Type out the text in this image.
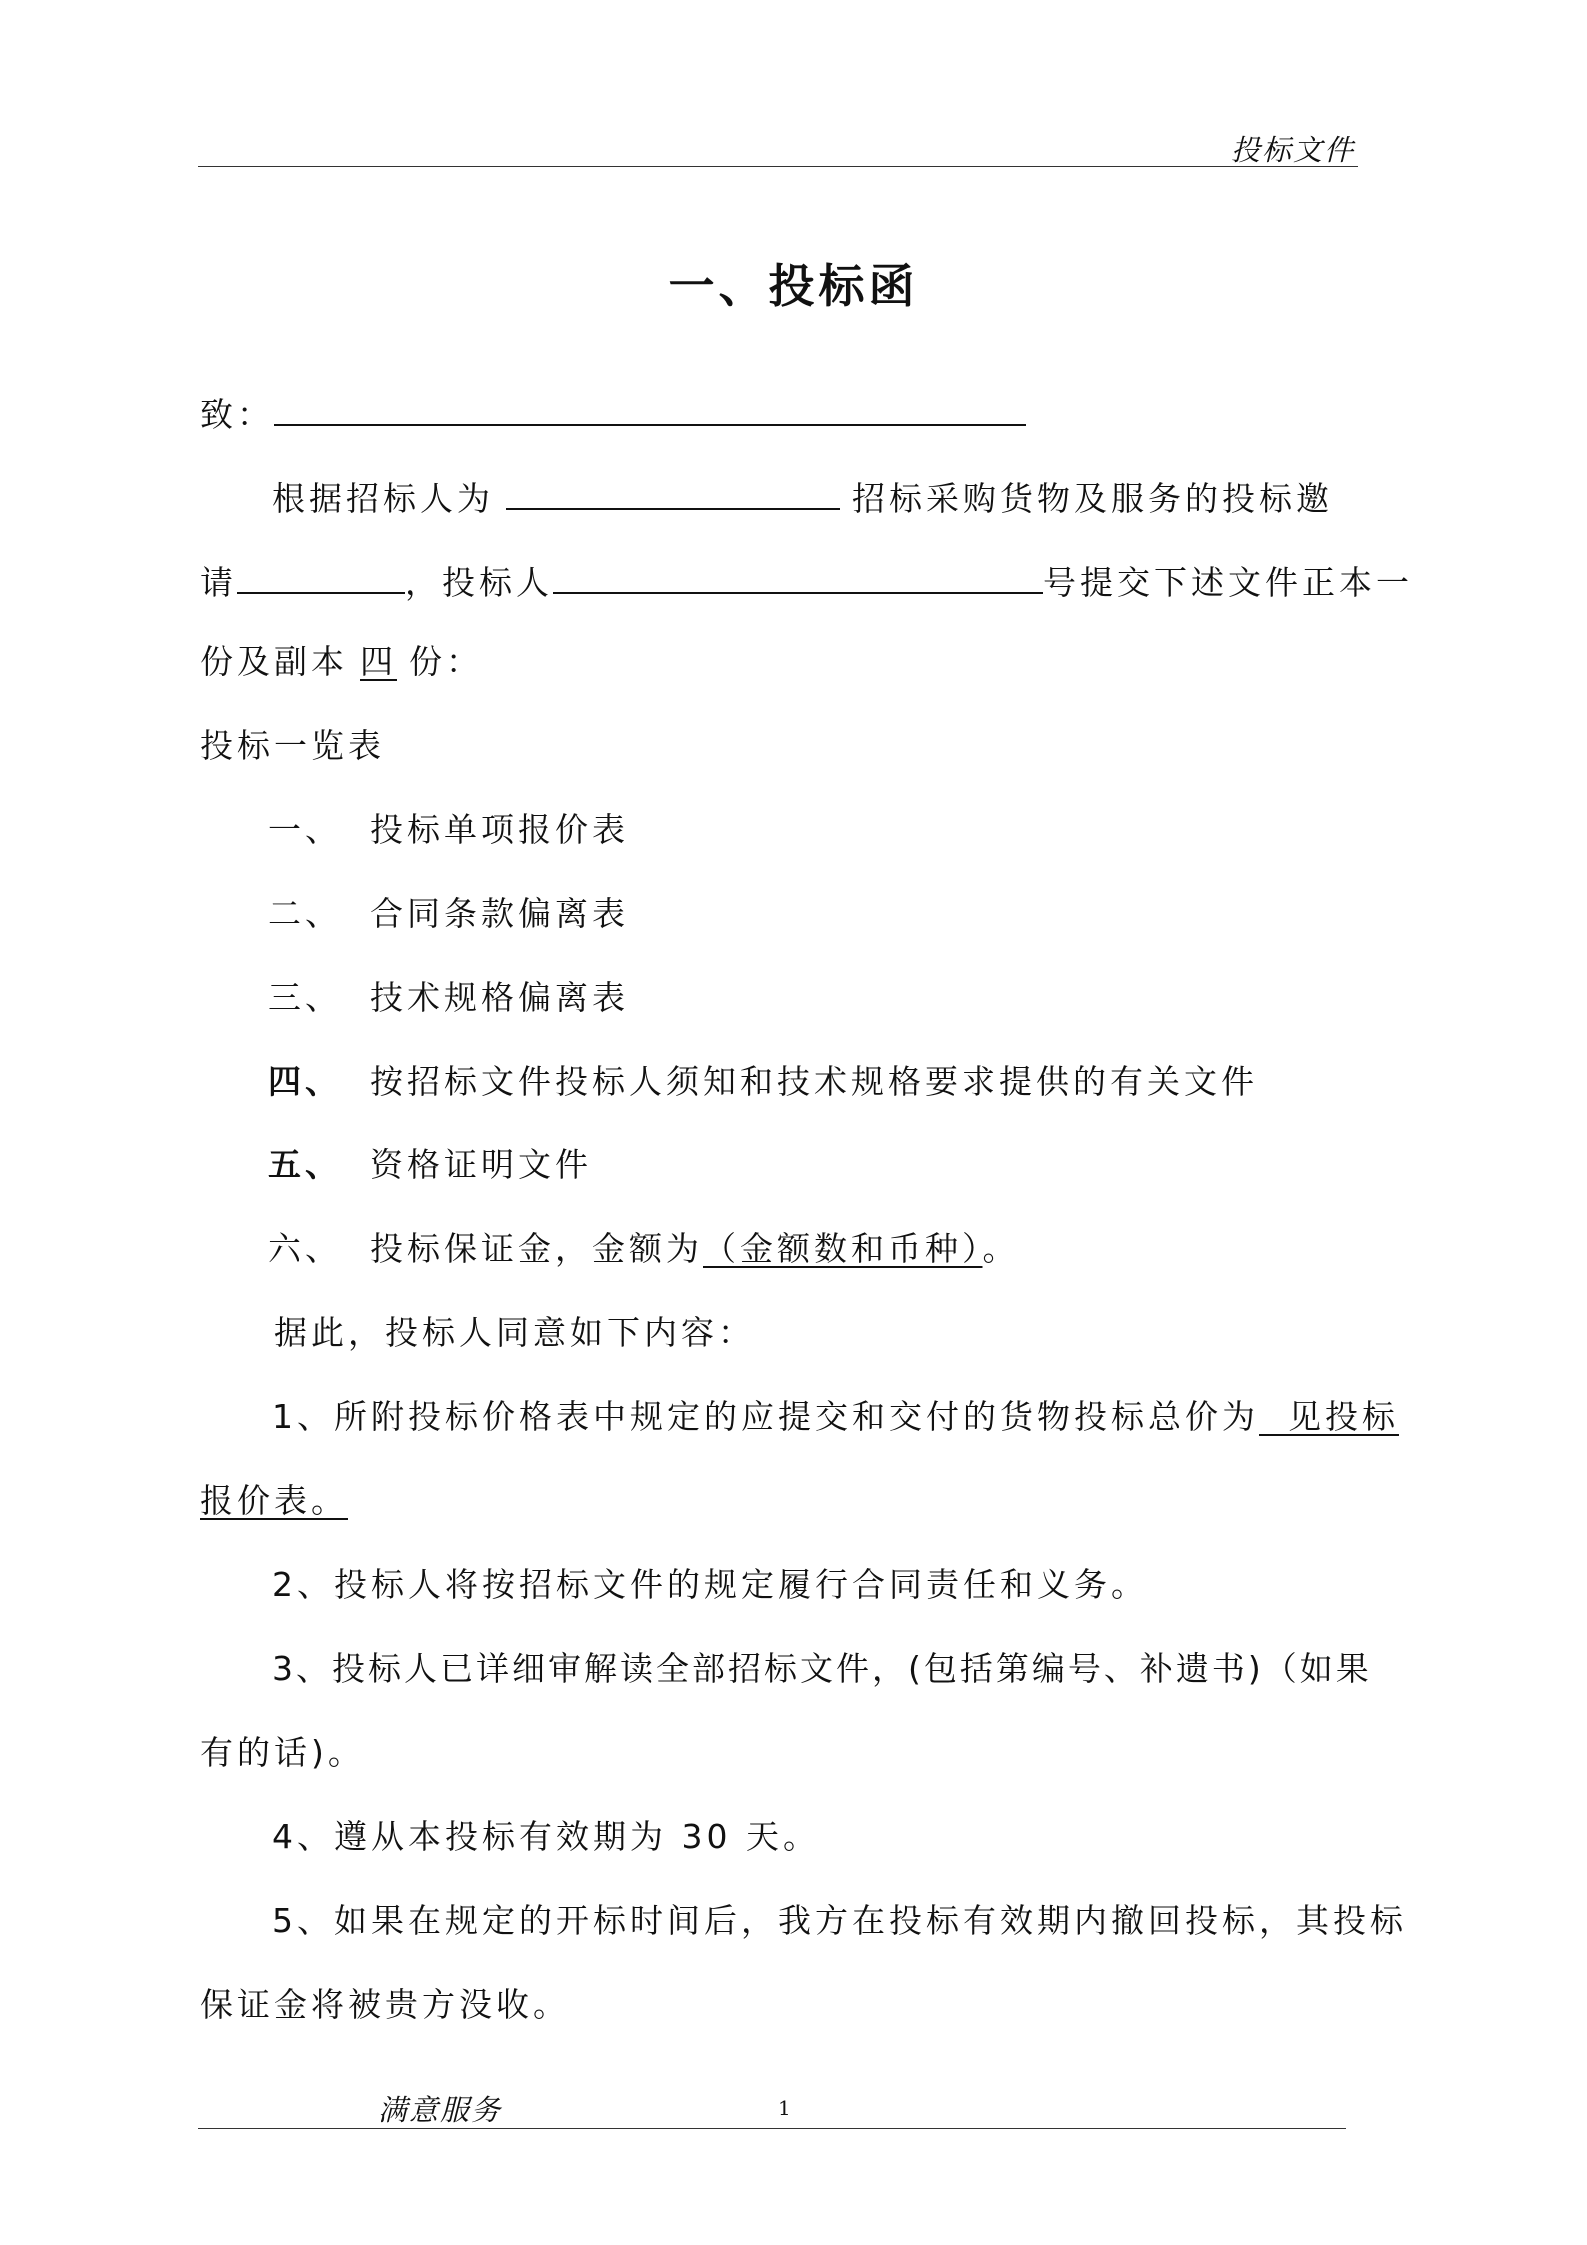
投标文件
一、投标函
致：
根据招标人为	招标采购货物及服务的投标邀
请	，投标人	号提交下述文件正本一
份及副本 四 份：
投标一览表
一、 投标单项报价表
二、 合同条款偏离表
三、 技术规格偏离表
四、 按招标文件投标人须知和技术规格要求提供的有关文件
五、 资格证明文件
六、 投标保证金，金额为（金额数和币种）。
据此，投标人同意如下内容：
1、所附投标价格表中规定的应提交和交付的货物投标总价为  见投标
报价表。
2、投标人将按招标文件的规定履行合同责任和义务。
3、投标人已详细审解读全部招标文件，(包括第编号、补遗书)（如果
有的话)。
4、遵从本投标有效期为 30 天。
5、如果在规定的开标时间后，我方在投标有效期内撤回投标，其投标
保证金将被贵方没收。
满意服务	1
